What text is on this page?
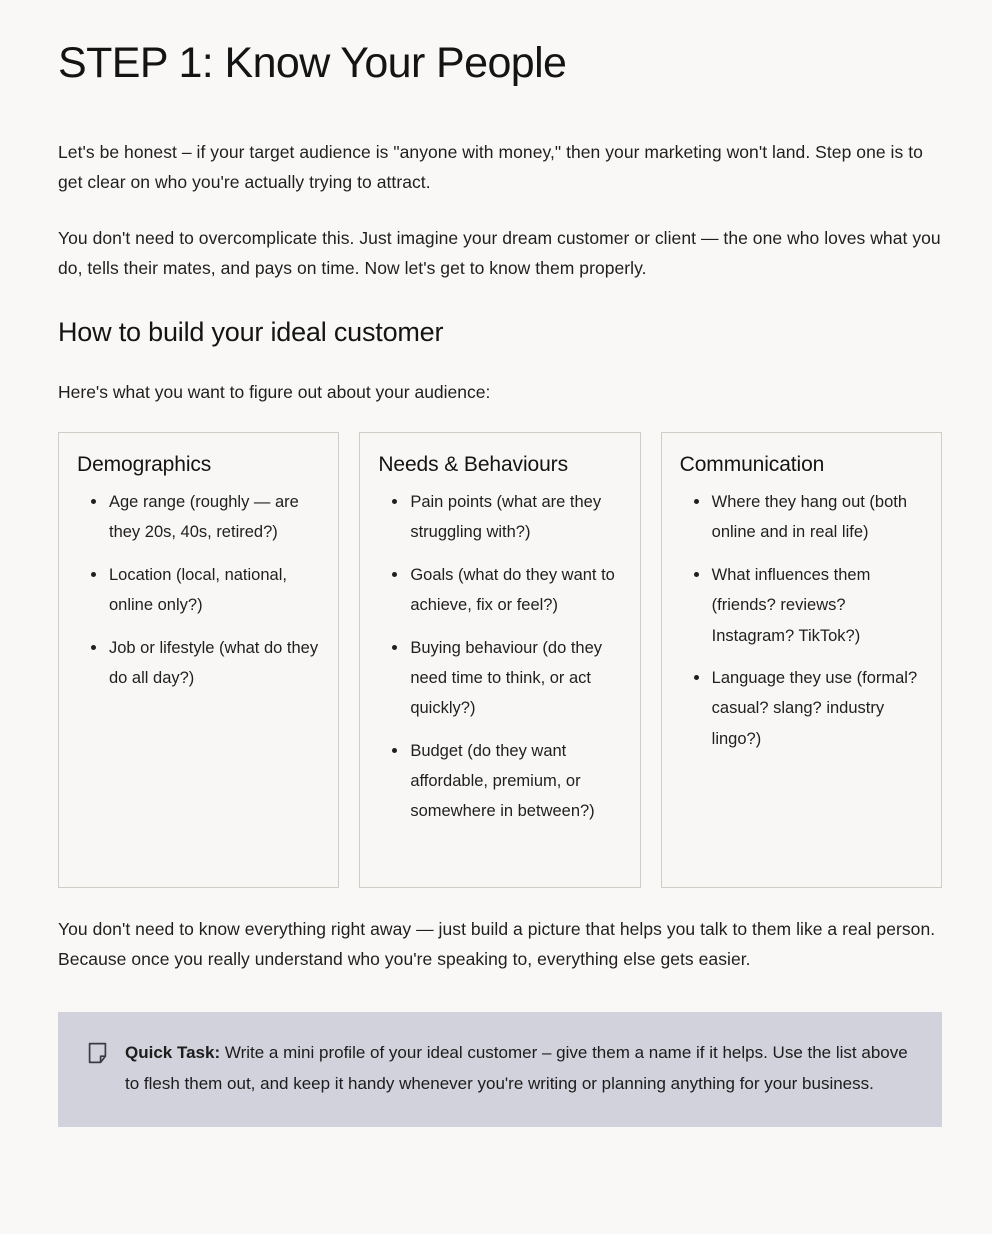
STEP 1: Know Your People

Let's be honest – if your target audience is "anyone with money," then your marketing won't land. Step one is to get clear on who you're actually trying to attract.

You don't need to overcomplicate this. Just imagine your dream customer or client — the one who loves what you do, tells their mates, and pays on time. Now let's get to know them properly.

How to build your ideal customer

Here's what you want to figure out about your audience:

Demographics
Age range (roughly — are they 20s, 40s, retired?)
Location (local, national, online only?)
Job or lifestyle (what do they do all day?)
Needs & Behaviours
Pain points (what are they struggling with?)
Goals (what do they want to achieve, fix or feel?)
Buying behaviour (do they need time to think, or act quickly?)
Budget (do they want affordable, premium, or somewhere in between?)
Communication
Where they hang out (both online and in real life)
What influences them (friends? reviews? Instagram? TikTok?)
Language they use (formal? casual? slang? industry lingo?)

You don't need to know everything right away — just build a picture that helps you talk to them like a real person. Because once you really understand who you're speaking to, everything else gets easier.

Quick Task: Write a mini profile of your ideal customer – give them a name if it helps. Use the list above to flesh them out, and keep it handy whenever you're writing or planning anything for your business.
